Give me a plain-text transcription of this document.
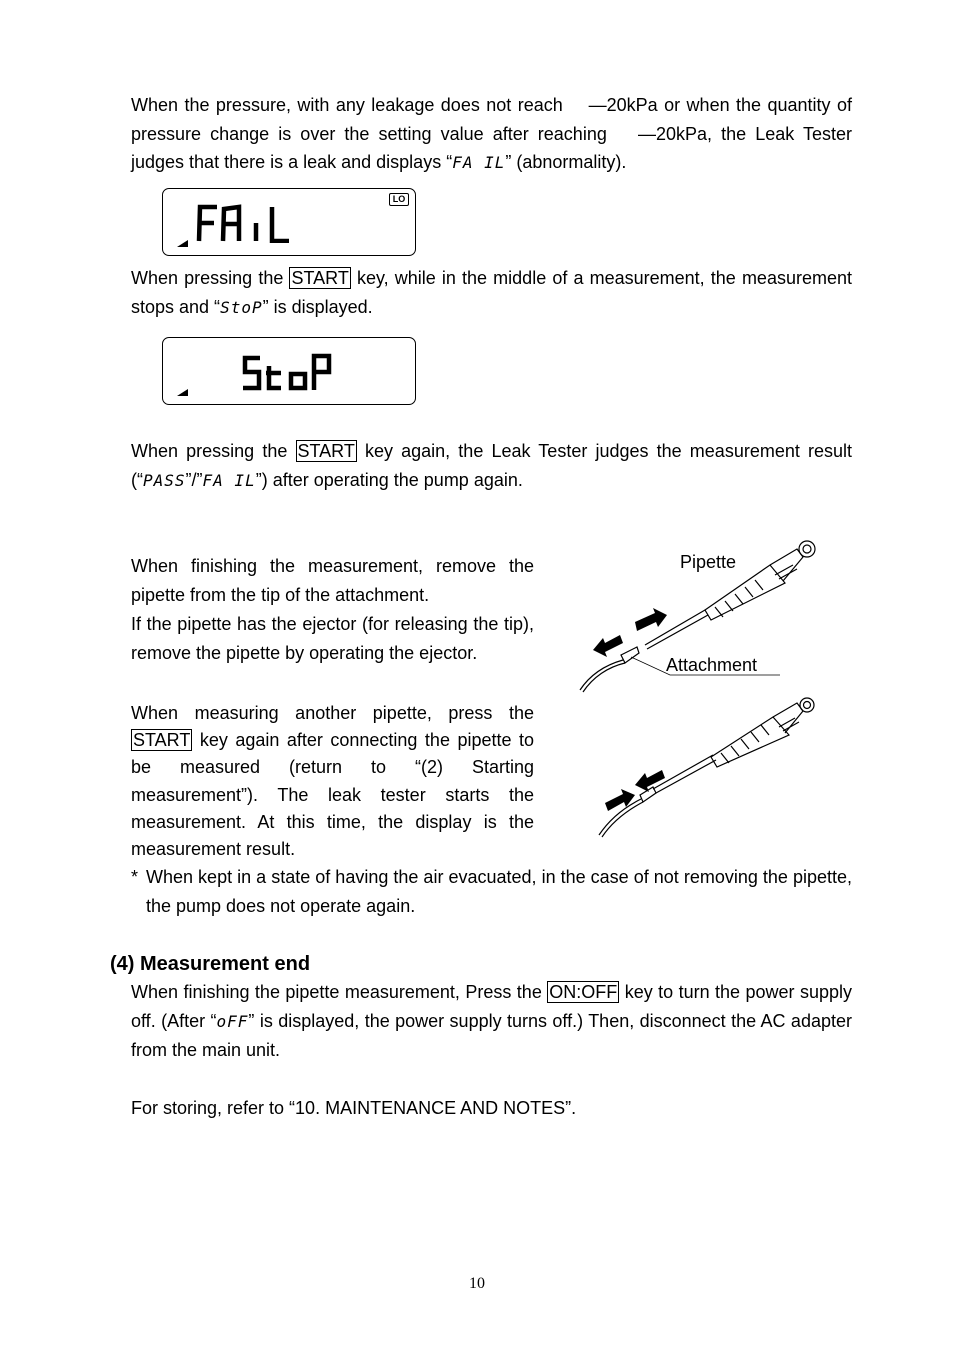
When the pressure, with any leakage does not reach 　—20kPa or when the quantity of pressure change is over the setting value after reaching 　—20kPa, the Leak Tester judges that there is a leak and displays “FA IL” (abnormality).

LO

When pressing the START key, while in the middle of a measurement, the measurement stops and “StoP” is displayed.

When pressing the START key again, the Leak Tester judges the measurement result (“PASS”/”FA IL”) after operating the pump again.

When finishing the measurement, remove the pipette from the tip of the attachment.
If the pipette has the ejector (for releasing the tip), remove the pipette by operating the ejector.
Pipette
Attachment
When measuring another pipette, press the START key again after connecting the pipette to be measured (return to “(2) Starting measurement”). The leak tester starts the measurement. At this time, the display is the measurement result.
* When kept in a state of having the air evacuated, in the case of not removing the pipette, the pump does not operate again.
(4) Measurement end

When finishing the pipette measurement, Press the ON:OFF key to turn the power supply off. (After “oFF” is displayed, the power supply turns off.) Then, disconnect the AC adapter from the main unit.

For storing, refer to “10. MAINTENANCE AND NOTES”.

10
